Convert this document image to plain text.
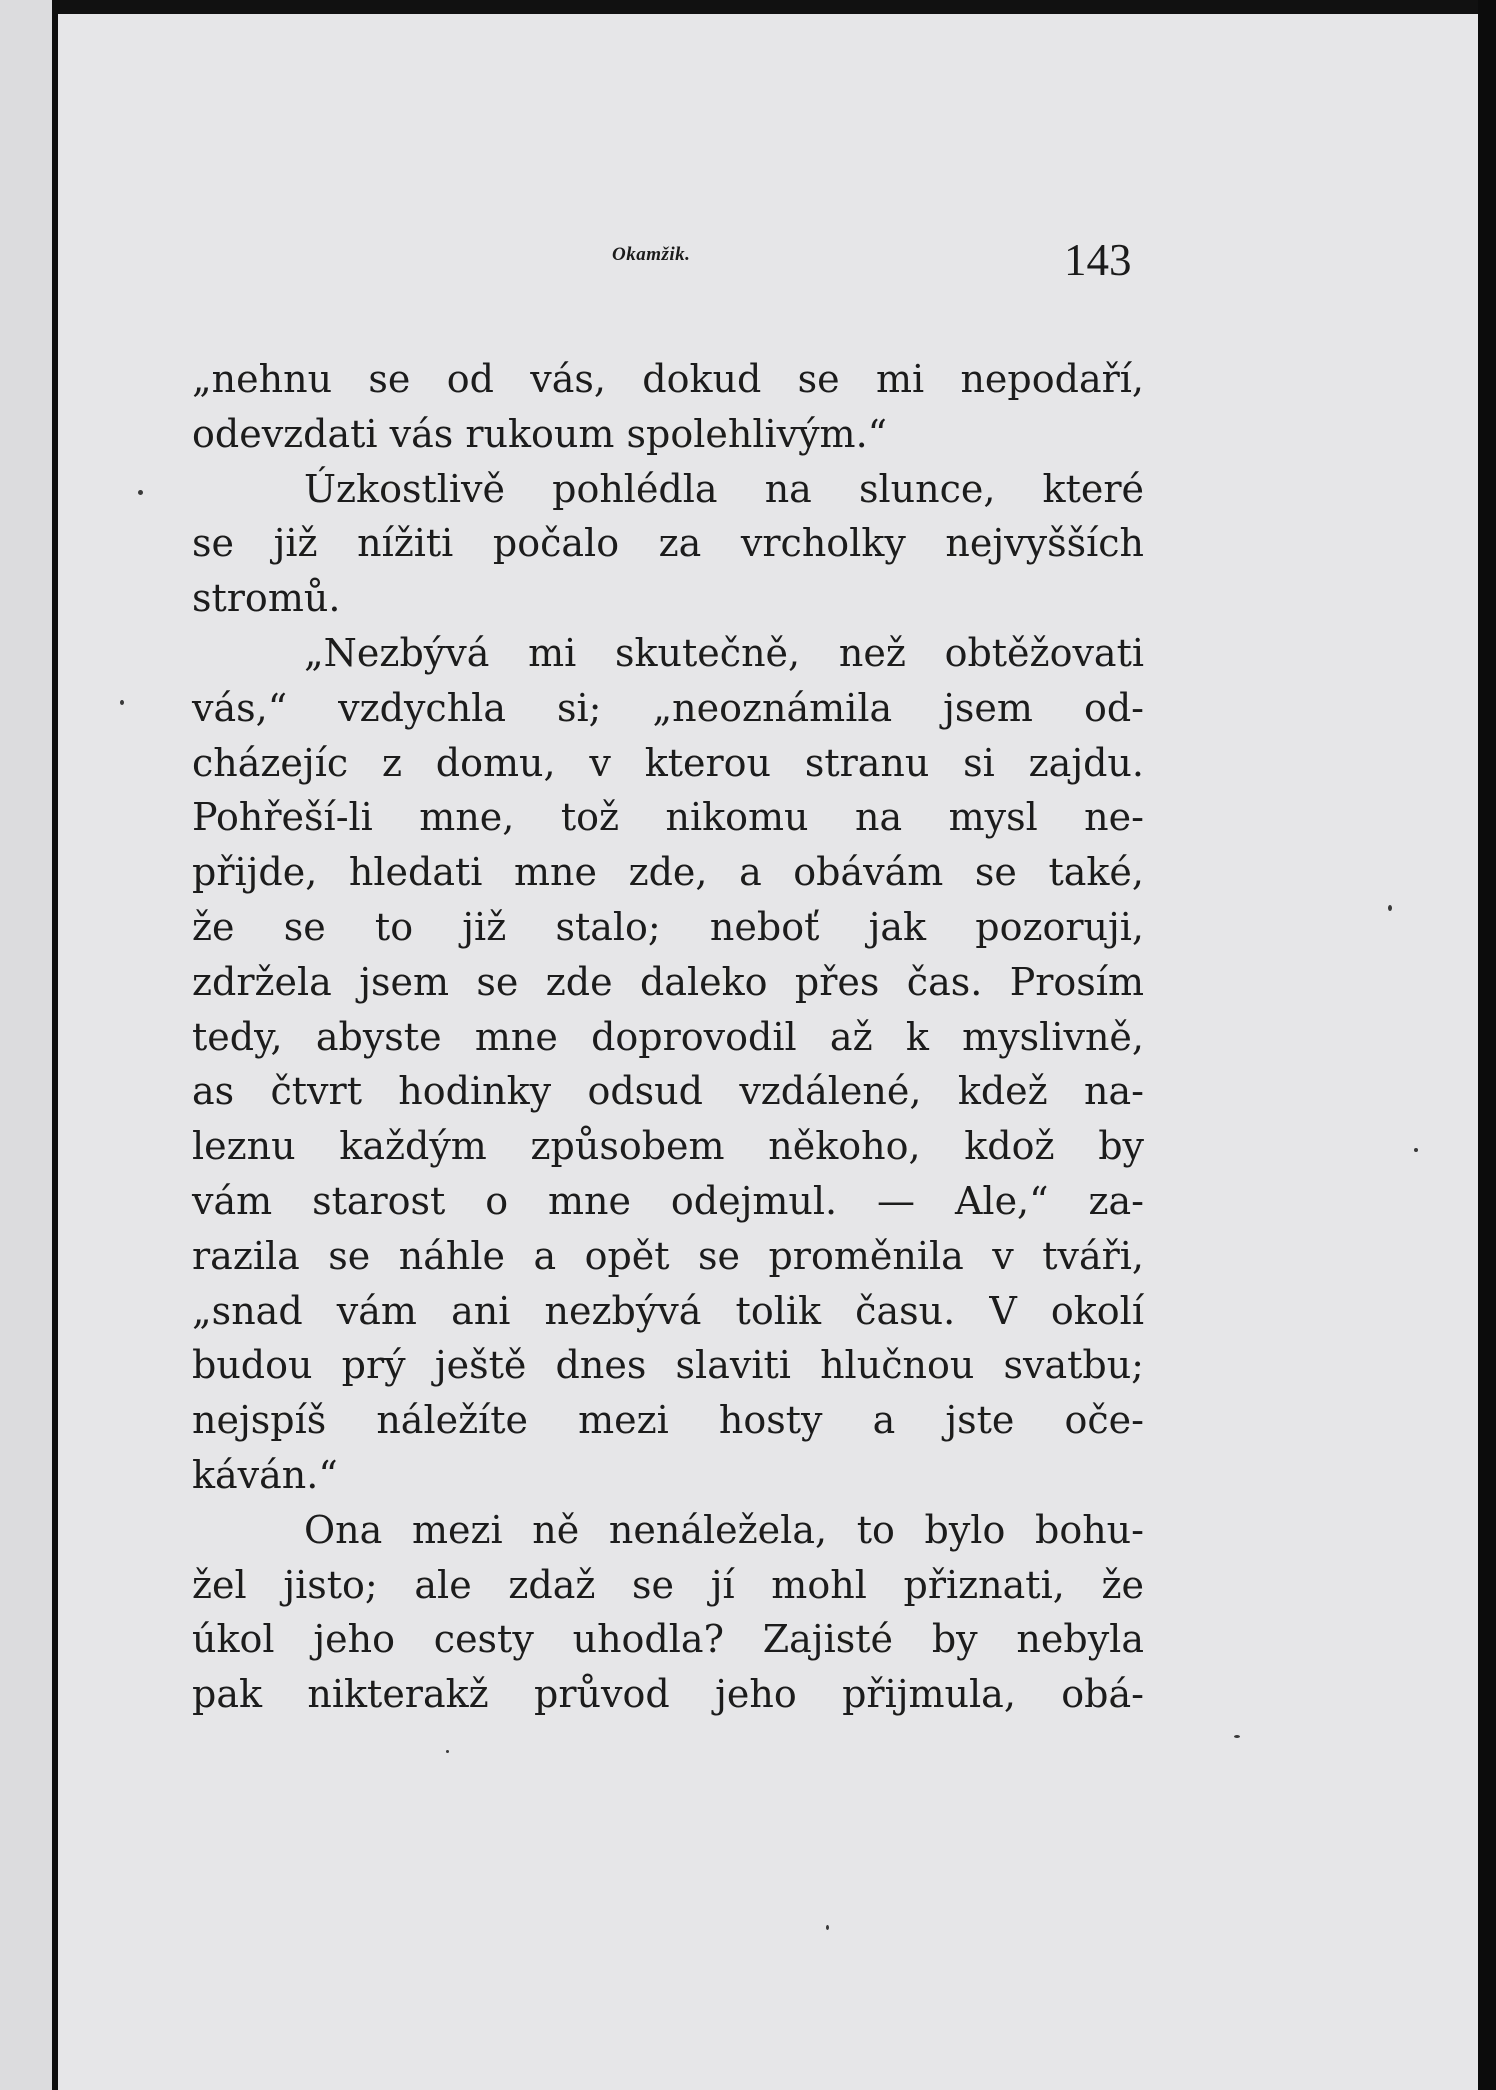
Okamžik.	143
„nehnu se od vás, dokud se mi nepodaří,
odevzdati vás rukoum spolehlivým.“
Úzkostlivě pohlédla na slunce, které
se již nížiti počalo za vrcholky nejvyšších
stromů.
„Nezbývá mi skutečně, než obtěžovati
vás,“ vzdychla si; „neoznámila jsem od-
cházejíc z domu, v kterou stranu si zajdu.
Pohřeší-li mne, tož nikomu na mysl ne-
přijde, hledati mne zde, a obávám se také,
že se to již stalo; neboť jak pozoruji,
zdržela jsem se zde daleko přes čas. Prosím
tedy, abyste mne doprovodil až k myslivně,
as čtvrt hodinky odsud vzdálené, kdež na-
leznu každým způsobem někoho, kdož by
vám starost o mne odejmul. — Ale,“ za-
razila se náhle a opět se proměnila v tváři,
„snad vám ani nezbývá tolik času. V okolí
budou prý ještě dnes slaviti hlučnou svatbu;
nejspíš náležíte mezi hosty a jste oče-
káván.“
Ona mezi ně nenáležela, to bylo bohu-
žel jisto; ale zdaž se jí mohl přiznati, že
úkol jeho cesty uhodla? Zajisté by nebyla
pak nikterakž průvod jeho přijmula, obá-
